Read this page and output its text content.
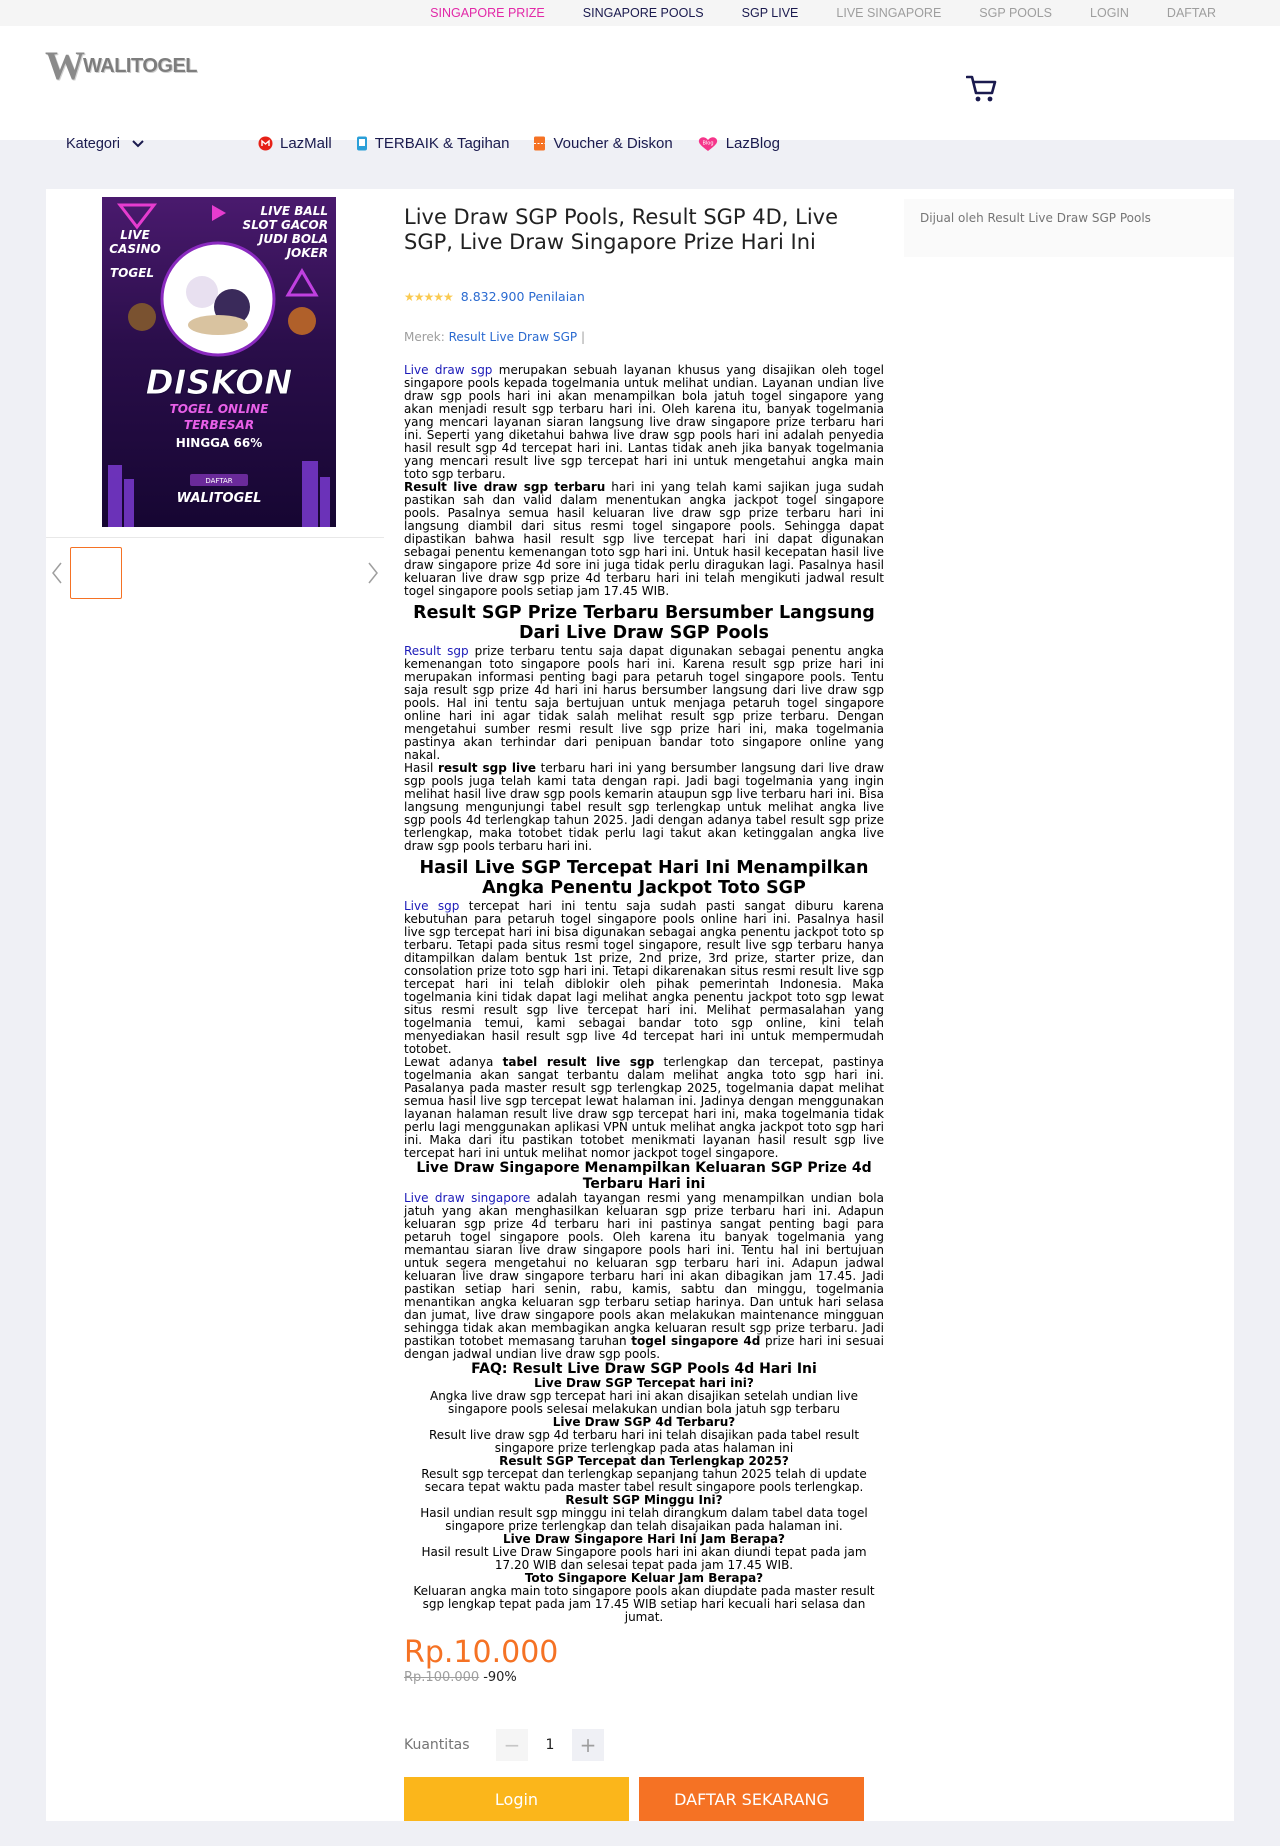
SINGAPORE PRIZE	SINGAPORE POOLS	SGP LIVE	LIVE SINGAPORE	SGP POOLS	LOGIN	DAFTAR
W WALITOGEL
Kategori	LazMall	TERBAIK & Tagihan	Voucher & Diskon	Blog LazBlog
LIVE
CASINO
TOGEL
LIVE BALL
SLOT GACOR
JUDI BOLA
JOKER
DISKON
TOGEL ONLINE
TERBESAR
HINGGA 66%
WALITOGEL
DAFTAR
Live Draw SGP Pools, Result SGP 4D, Live SGP, Live Draw Singapore Prize Hari Ini
★★★★★ 8.832.900 Penilaian
Merek: Result Live Draw SGP |

Live draw sgp merupakan sebuah layanan khusus yang disajikan oleh togel singapore pools kepada togelmania untuk melihat undian. Layanan undian live draw sgp pools hari ini akan menampilkan bola jatuh togel singapore yang akan menjadi result sgp terbaru hari ini. Oleh karena itu, banyak togelmania yang mencari layanan siaran langsung live draw singapore prize terbaru hari ini. Seperti yang diketahui bahwa live draw sgp pools hari ini adalah penyedia hasil result sgp 4d tercepat hari ini. Lantas tidak aneh jika banyak togelmania yang mencari result live sgp tercepat hari ini untuk mengetahui angka main toto sgp terbaru.

Result live draw sgp terbaru hari ini yang telah kami sajikan juga sudah pastikan sah dan valid dalam menentukan angka jackpot togel singapore pools. Pasalnya semua hasil keluaran live draw sgp prize terbaru hari ini langsung diambil dari situs resmi togel singapore pools. Sehingga dapat dipastikan bahwa hasil result sgp live tercepat hari ini dapat digunakan sebagai penentu kemenangan toto sgp hari ini. Untuk hasil kecepatan hasil live draw singapore prize 4d sore ini juga tidak perlu diragukan lagi. Pasalnya hasil keluaran live draw sgp prize 4d terbaru hari ini telah mengikuti jadwal result togel singapore pools setiap jam 17.45 WIB.

Result SGP Prize Terbaru Bersumber Langsung Dari Live Draw SGP Pools

Result sgp prize terbaru tentu saja dapat digunakan sebagai penentu angka kemenangan toto singapore pools hari ini. Karena result sgp prize hari ini merupakan informasi penting bagi para petaruh togel singapore pools. Tentu saja result sgp prize 4d hari ini harus bersumber langsung dari live draw sgp pools. Hal ini tentu saja bertujuan untuk menjaga petaruh togel singapore online hari ini agar tidak salah melihat result sgp prize terbaru. Dengan mengetahui sumber resmi result live sgp prize hari ini, maka togelmania pastinya akan terhindar dari penipuan bandar toto singapore online yang nakal.

Hasil result sgp live terbaru hari ini yang bersumber langsung dari live draw sgp pools juga telah kami tata dengan rapi. Jadi bagi togelmania yang ingin melihat hasil live draw sgp pools kemarin ataupun sgp live terbaru hari ini. Bisa langsung mengunjungi tabel result sgp terlengkap untuk melihat angka live sgp pools 4d terlengkap tahun 2025. Jadi dengan adanya tabel result sgp prize terlengkap, maka totobet tidak perlu lagi takut akan ketinggalan angka live draw sgp pools terbaru hari ini.

Hasil Live SGP Tercepat Hari Ini Menampilkan Angka Penentu Jackpot Toto SGP

Live sgp tercepat hari ini tentu saja sudah pasti sangat diburu karena kebutuhan para petaruh togel singapore pools online hari ini. Pasalnya hasil live sgp tercepat hari ini bisa digunakan sebagai angka penentu jackpot toto sp terbaru. Tetapi pada situs resmi togel singapore, result live sgp terbaru hanya ditampilkan dalam bentuk 1st prize, 2nd prize, 3rd prize, starter prize, dan consolation prize toto sgp hari ini. Tetapi dikarenakan situs resmi result live sgp tercepat hari ini telah diblokir oleh pihak pemerintah Indonesia. Maka togelmania kini tidak dapat lagi melihat angka penentu jackpot toto sgp lewat situs resmi result sgp live tercepat hari ini. Melihat permasalahan yang togelmania temui, kami sebagai bandar toto sgp online, kini telah menyediakan hasil result sgp live 4d tercepat hari ini untuk mempermudah totobet.

Lewat adanya tabel result live sgp terlengkap dan tercepat, pastinya togelmania akan sangat terbantu dalam melihat angka toto sgp hari ini. Pasalanya pada master result sgp terlengkap 2025, togelmania dapat melihat semua hasil live sgp tercepat lewat halaman ini. Jadinya dengan menggunakan layanan halaman result live draw sgp tercepat hari ini, maka togelmania tidak perlu lagi menggunakan aplikasi VPN untuk melihat angka jackpot toto sgp hari ini. Maka dari itu pastikan totobet menikmati layanan hasil result sgp live tercepat hari ini untuk melihat nomor jackpot togel singapore.

Live Draw Singapore Menampilkan Keluaran SGP Prize 4d Terbaru Hari ini

Live draw singapore adalah tayangan resmi yang menampilkan undian bola jatuh yang akan menghasilkan keluaran sgp prize terbaru hari ini. Adapun keluaran sgp prize 4d terbaru hari ini pastinya sangat penting bagi para petaruh togel singapore pools. Oleh karena itu banyak togelmania yang memantau siaran live draw singapore pools hari ini. Tentu hal ini bertujuan untuk segera mengetahui no keluaran sgp terbaru hari ini. Adapun jadwal keluaran live draw singapore terbaru hari ini akan dibagikan jam 17.45. Jadi pastikan setiap hari senin, rabu, kamis, sabtu dan minggu, togelmania menantikan angka keluaran sgp terbaru setiap harinya. Dan untuk hari selasa dan jumat, live draw singapore pools akan melakukan maintenance mingguan sehingga tidak akan membagikan angka keluaran result sgp prize terbaru. Jadi pastikan totobet memasang taruhan togel singapore 4d prize hari ini sesuai dengan jadwal undian live draw sgp pools.

FAQ: Result Live Draw SGP Pools 4d Hari Ini
Live Draw SGP Tercepat hari ini?
Angka live draw sgp tercepat hari ini akan disajikan setelah undian live singapore pools selesai melakukan undian bola jatuh sgp terbaru
Live Draw SGP 4d Terbaru?
Result live draw sgp 4d terbaru hari ini telah disajikan pada tabel result singapore prize terlengkap pada atas halaman ini
Result SGP Tercepat dan Terlengkap 2025?
Result sgp tercepat dan terlengkap sepanjang tahun 2025 telah di update secara tepat waktu pada master tabel result singapore pools terlengkap.
Result SGP Minggu Ini?
Hasil undian result sgp minggu ini telah dirangkum dalam tabel data togel singapore prize terlengkap dan telah disajaikan pada halaman ini.
Live Draw Singapore Hari Ini Jam Berapa?
Hasil result Live Draw Singapore pools hari ini akan diundi tepat pada jam 17.20 WIB dan selesai tepat pada jam 17.45 WIB.
Toto Singapore Keluar Jam Berapa?
Keluaran angka main toto singapore pools akan diupdate pada master result sgp lengkap tepat pada jam 17.45 WIB setiap hari kecuali hari selasa dan jumat.
Rp.10.000
Rp.100.000 -90%
Kuantitas	−	1	+
Login	DAFTAR SEKARANG
Dijual oleh Result Live Draw SGP Pools
